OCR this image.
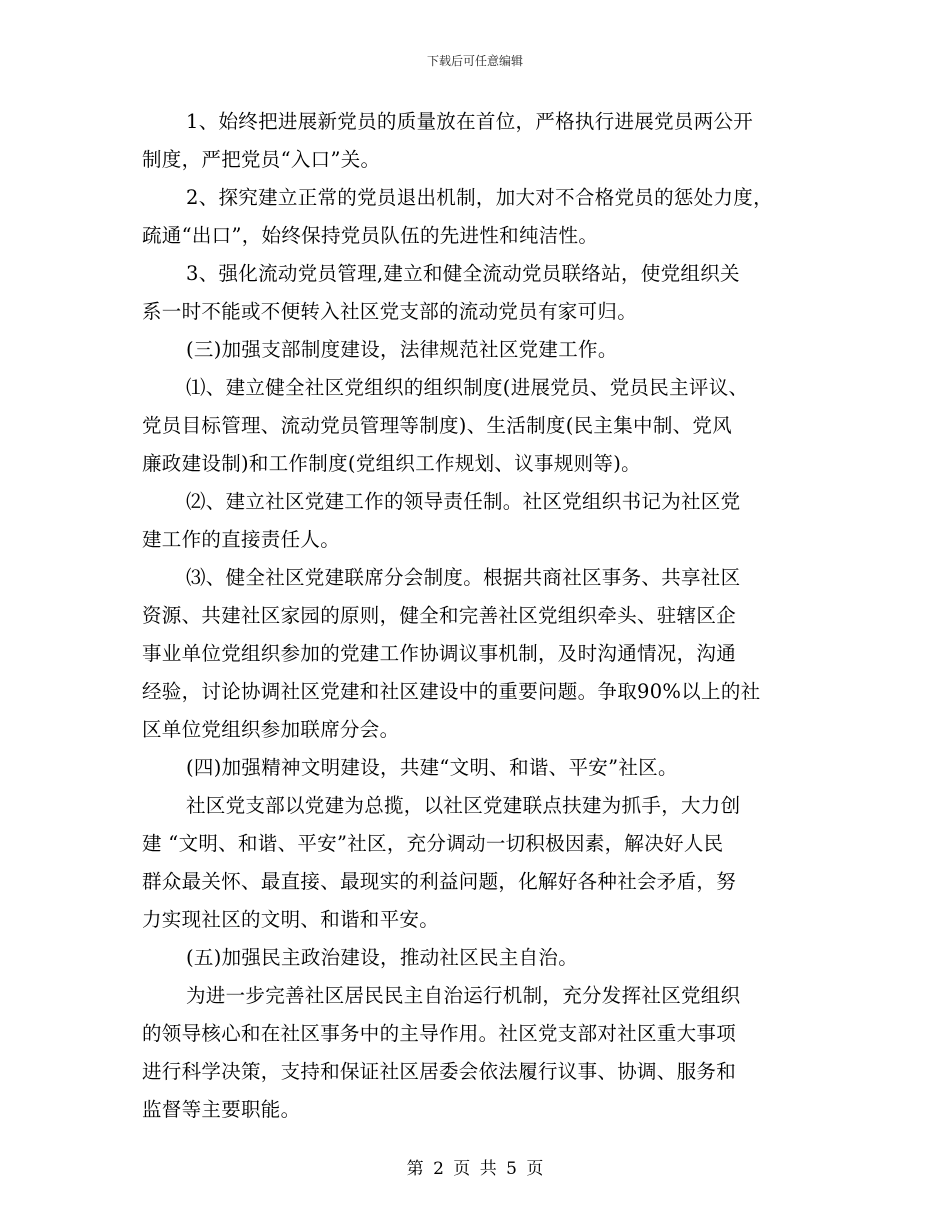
下载后可任意编辑
1、始终把进展新党员的质量放在首位，严格执行进展党员两公开
制度，严把党员“入口”关。
2、探究建立正常的党员退出机制，加大对不合格党员的惩处力度，
疏通“出口”，始终保持党员队伍的先进性和纯洁性。
3、强化流动党员管理,建立和健全流动党员联络站，使党组织关
系一时不能或不便转入社区党支部的流动党员有家可归。
(三)加强支部制度建设，法律规范社区党建工作。
⑴、建立健全社区党组织的组织制度(进展党员、党员民主评议、
党员目标管理、流动党员管理等制度)、生活制度(民主集中制、党风
廉政建设制)和工作制度(党组织工作规划、议事规则等)。
⑵、建立社区党建工作的领导责任制。社区党组织书记为社区党
建工作的直接责任人。
⑶、健全社区党建联席分会制度。根据共商社区事务、共享社区
资源、共建社区家园的原则，健全和完善社区党组织牵头、驻辖区企
事业单位党组织参加的党建工作协调议事机制，及时沟通情况，沟通
经验，讨论协调社区党建和社区建设中的重要问题。争取90%以上的社
区单位党组织参加联席分会。
(四)加强精神文明建设，共建“文明、和谐、平安”社区。
社区党支部以党建为总揽，以社区党建联点扶建为抓手，大力创
建 “文明、和谐、平安”社区，充分调动一切积极因素，解决好人民
群众最关怀、最直接、最现实的利益问题，化解好各种社会矛盾，努
力实现社区的文明、和谐和平安。
(五)加强民主政治建设，推动社区民主自治。
为进一步完善社区居民民主自治运行机制，充分发挥社区党组织
的领导核心和在社区事务中的主导作用。社区党支部对社区重大事项
进行科学决策，支持和保证社区居委会依法履行议事、协调、服务和
监督等主要职能。
第 2 页 共 5 页
